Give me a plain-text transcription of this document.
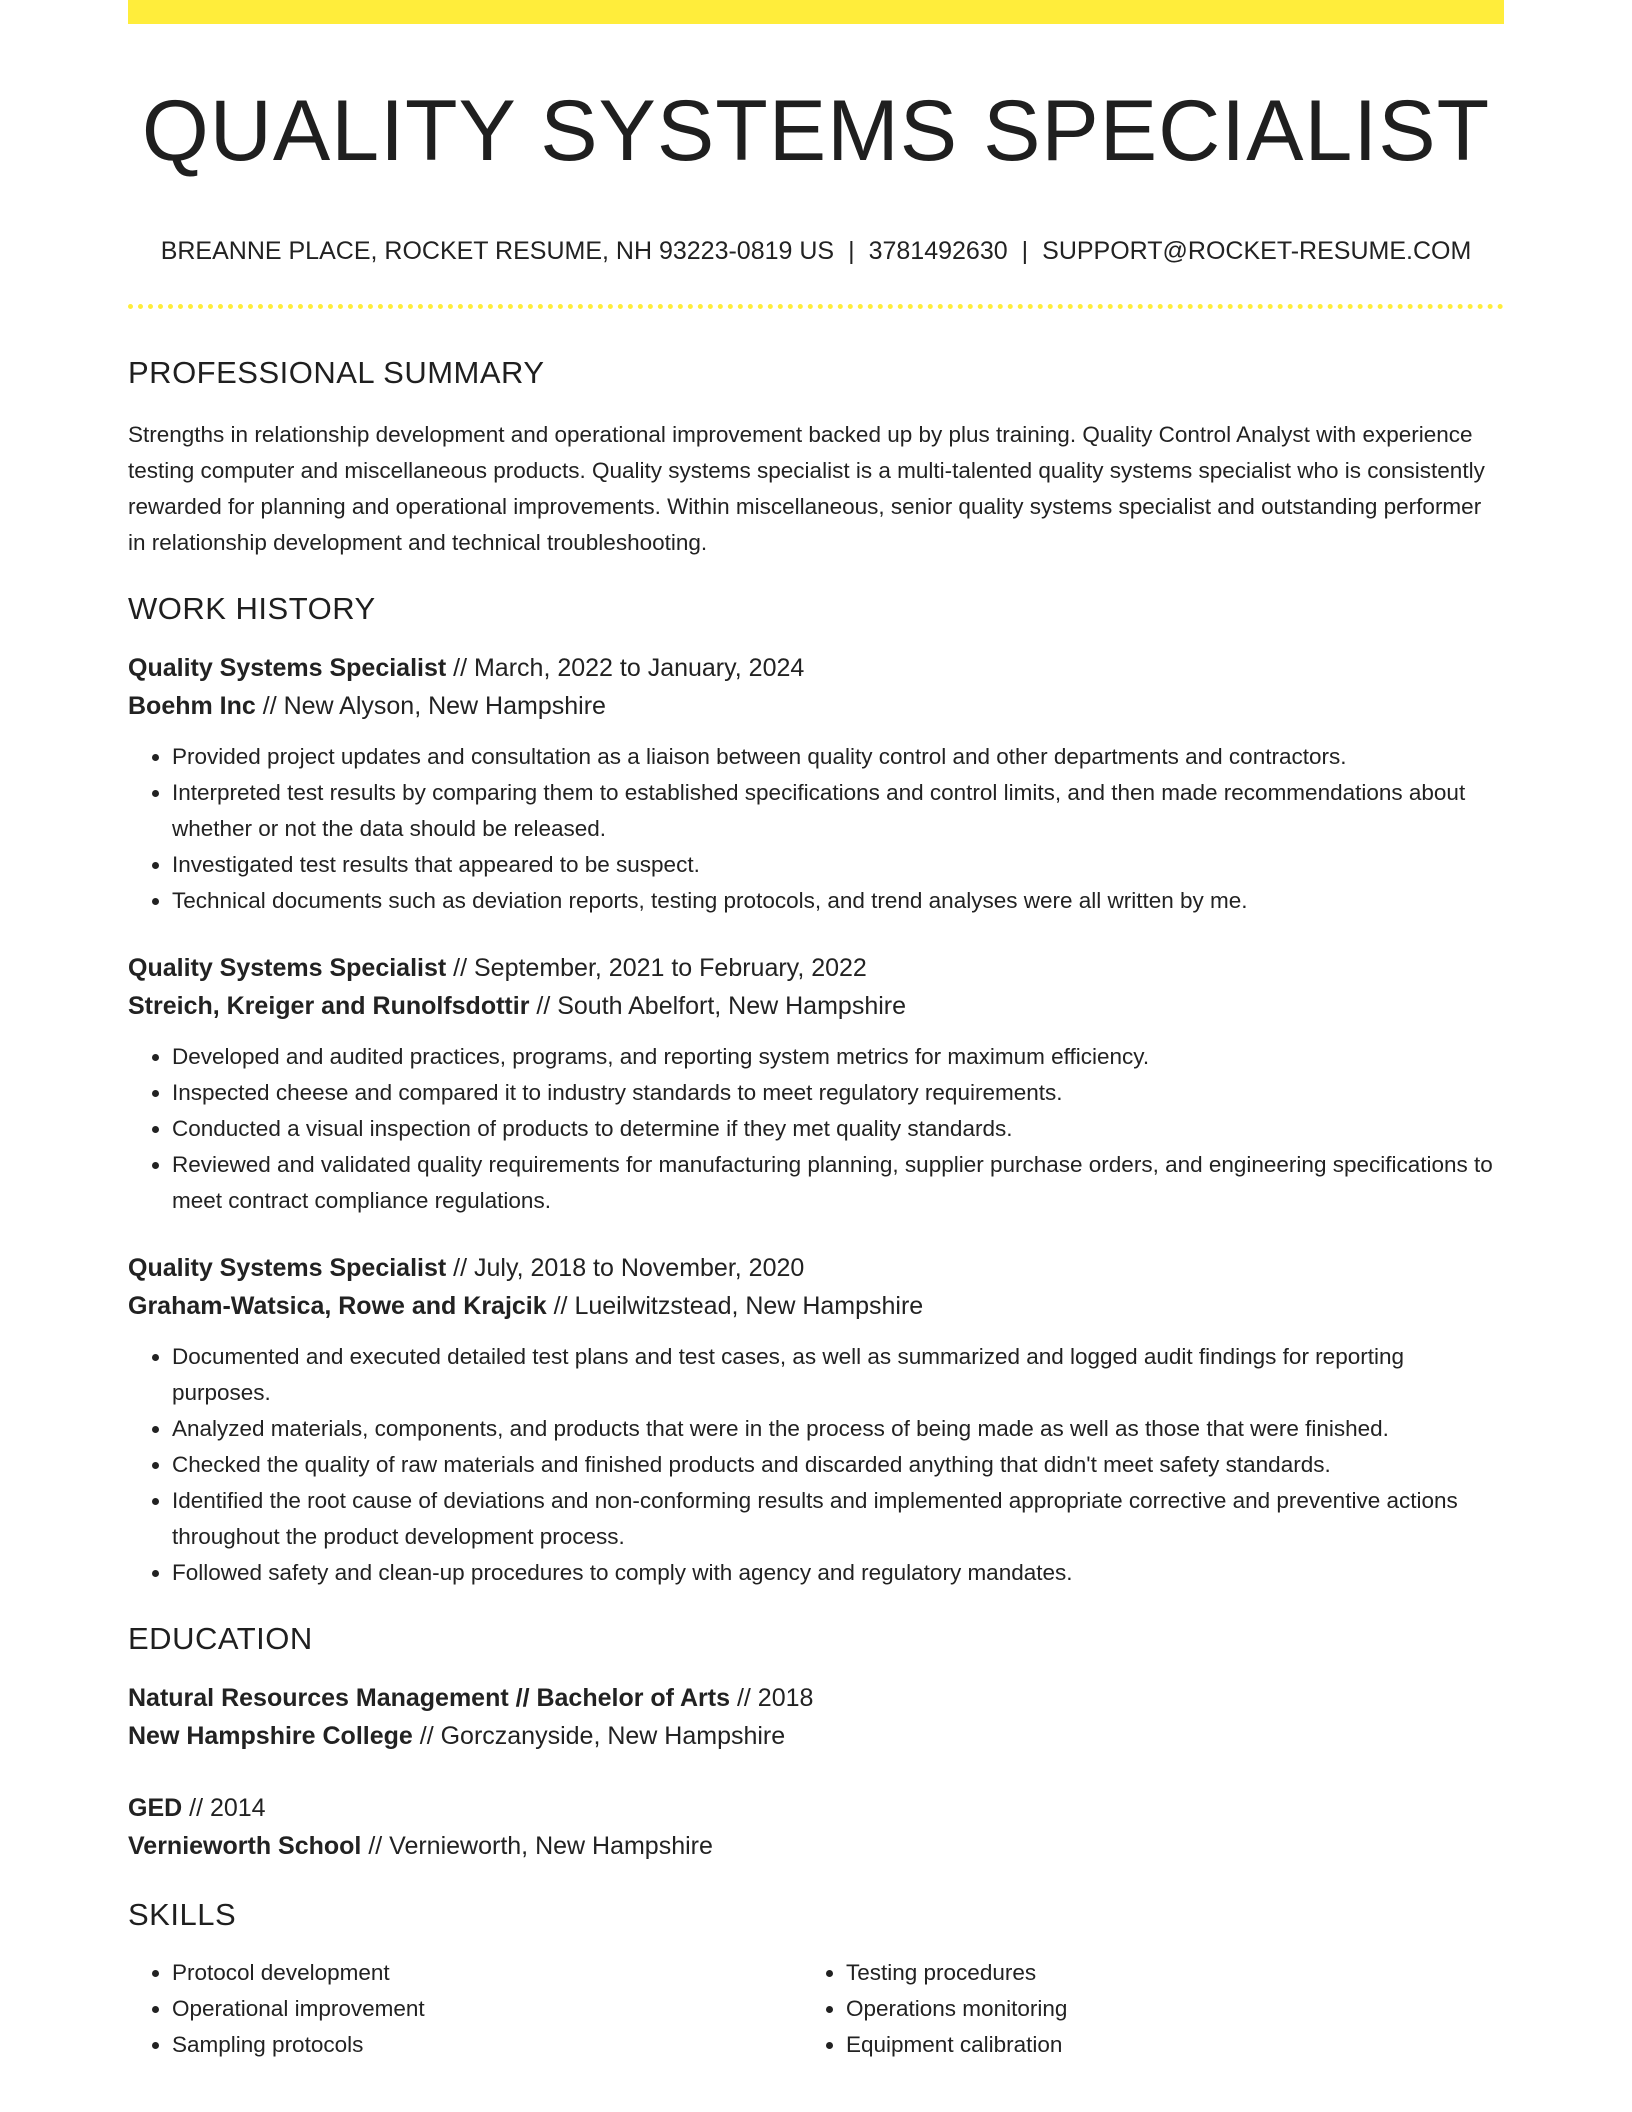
QUALITY SYSTEMS SPECIALIST
BREANNE PLACE, ROCKET RESUME, NH 93223-0819 US | 3781492630 | SUPPORT@ROCKET-RESUME.COM
PROFESSIONAL SUMMARY

Strengths in relationship development and operational improvement backed up by plus training. Quality Control Analyst with experience testing computer and miscellaneous products. Quality systems specialist is a multi-talented quality systems specialist who is consistently rewarded for planning and operational improvements. Within miscellaneous, senior quality systems specialist and outstanding performer in relationship development and technical troubleshooting.

WORK HISTORY
Quality Systems Specialist // March, 2022 to January, 2024
Boehm Inc // New Alyson, New Hampshire
• Provided project updates and consultation as a liaison between quality control and other departments and contractors.
• Interpreted test results by comparing them to established specifications and control limits, and then made recommendations about whether or not the data should be released.
• Investigated test results that appeared to be suspect.
• Technical documents such as deviation reports, testing protocols, and trend analyses were all written by me.
Quality Systems Specialist // September, 2021 to February, 2022
Streich, Kreiger and Runolfsdottir // South Abelfort, New Hampshire
• Developed and audited practices, programs, and reporting system metrics for maximum efficiency.
• Inspected cheese and compared it to industry standards to meet regulatory requirements.
• Conducted a visual inspection of products to determine if they met quality standards.
• Reviewed and validated quality requirements for manufacturing planning, supplier purchase orders, and engineering specifications to meet contract compliance regulations.
Quality Systems Specialist // July, 2018 to November, 2020
Graham-Watsica, Rowe and Krajcik // Lueilwitzstead, New Hampshire
• Documented and executed detailed test plans and test cases, as well as summarized and logged audit findings for reporting purposes.
• Analyzed materials, components, and products that were in the process of being made as well as those that were finished.
• Checked the quality of raw materials and finished products and discarded anything that didn't meet safety standards.
• Identified the root cause of deviations and non-conforming results and implemented appropriate corrective and preventive actions throughout the product development process.
• Followed safety and clean-up procedures to comply with agency and regulatory mandates.
EDUCATION
Natural Resources Management // Bachelor of Arts // 2018
New Hampshire College // Gorczanyside, New Hampshire
GED // 2014
Vernieworth School // Vernieworth, New Hampshire
SKILLS
• Protocol development
• Operational improvement
• Sampling protocols
• Testing procedures
• Operations monitoring
• Equipment calibration
